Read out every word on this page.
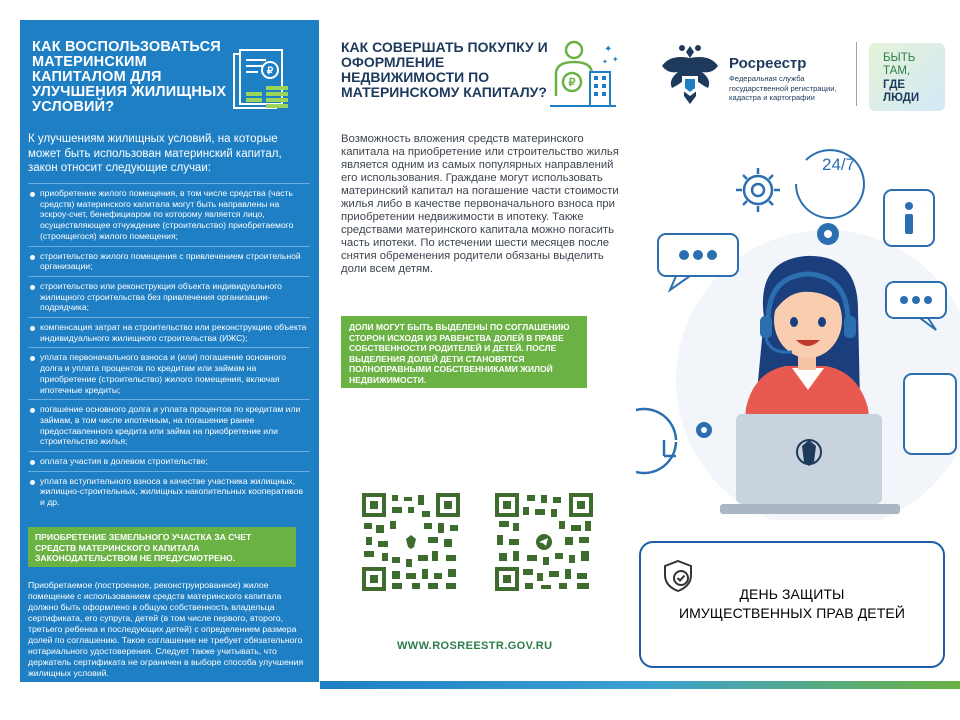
КАК ВОСПОЛЬЗОВАТЬСЯ МАТЕРИНСКИМ КАПИТАЛОМ ДЛЯ УЛУЧШЕНИЯ ЖИЛИЩНЫХ УСЛОВИЙ?
₽
К улучшениям жилищных условий, на которые может быть использован материнский капитал, закон относит следующие случаи:
приобретение жилого помещения, в том числе средства (часть средств) материнского капитала могут быть направлены на эскроу-счет, бенефициаром по которому является лицо, осуществляющее отчуждение (строительство) приобретаемого (строящегося) жилого помещения;
строительство жилого помещения с привлечением строительной организации;
строительство или реконструкция объекта индивидуального жилищного строительства без привлечения организации-подрядчика;
компенсация затрат на строительство или реконструкцию объекта индивидуального жилищного строительства (ИЖС);
уплата первоначального взноса и (или) погашение основного долга и уплата процентов по кредитам или займам на приобретение (строительство) жилого помещения, включая ипотечные кредиты;
погашение основного долга и уплата процентов по кредитам или займам, в том числе ипотечным, на погашение ранее предоставленного кредита или займа на приобретение или строительство жилья;
оплата участия в долевом строительстве;
уплата вступительного взноса в качестве участника жилищных, жилищно-строительных, жилищных накопительных кооперативов и др.
ПРИОБРЕТЕНИЕ ЗЕМЕЛЬНОГО УЧАСТКА ЗА СЧЕТ СРЕДСТВ МАТЕРИНСКОГО КАПИТАЛА ЗАКОНОДАТЕЛЬСТВОМ НЕ ПРЕДУСМОТРЕНО.
Приобретаемое (построенное, реконструированное) жилое помещение с использованием средств материнского капитала должно быть оформлено в общую собственность владельца сертификата, его супруга, детей (в том числе первого, второго, третьего ребенка и последующих детей) с определением размера долей по соглашению. Такое соглашение не требует обязательного нотариального удостоверения. Следует также учитывать, что держатель сертификата не ограничен в выборе способа улучшения жилищных условий.
КАК СОВЕРШАТЬ ПОКУПКУ И ОФОРМЛЕНИЕ НЕДВИЖИМОСТИ ПО МАТЕРИНСКОМУ КАПИТАЛУ?
₽
✦
✦
✦
Возможность вложения средств материнского капитала на приобретение или строительство жилья является одним из самых популярных направлений его использования. Граждане могут использовать материнский капитал на погашение части стоимости жилья либо в качестве первоначального взноса при приобретении недвижимости в ипотеку. Также средствами материнского капитала можно погасить часть ипотеки. По истечении шести месяцев после снятия обременения родители обязаны выделить доли всем детям.
ДОЛИ МОГУТ БЫТЬ ВЫДЕЛЕНЫ ПО СОГЛАШЕНИЮ СТОРОН ИСХОДЯ ИЗ РАВЕНСТВА ДОЛЕЙ В ПРАВЕ СОБСТВЕННОСТИ РОДИТЕЛЕЙ И ДЕТЕЙ. ПОСЛЕ ВЫДЕЛЕНИЯ ДОЛЕЙ ДЕТИ СТАНОВЯТСЯ ПОЛНОПРАВНЫМИ СОБСТВЕННИКАМИ ЖИЛОЙ НЕДВИЖИМОСТИ.
WWW.ROSREESTR.GOV.RU
Росреестр
Федеральная служба государственной регистрации, кадастра и картографии
БЫТЬ
ТАМ,
ГДЕ
ЛЮДИ
24/7
ДЕНЬ ЗАЩИТЫ
ИМУЩЕСТВЕННЫХ ПРАВ ДЕТЕЙ
